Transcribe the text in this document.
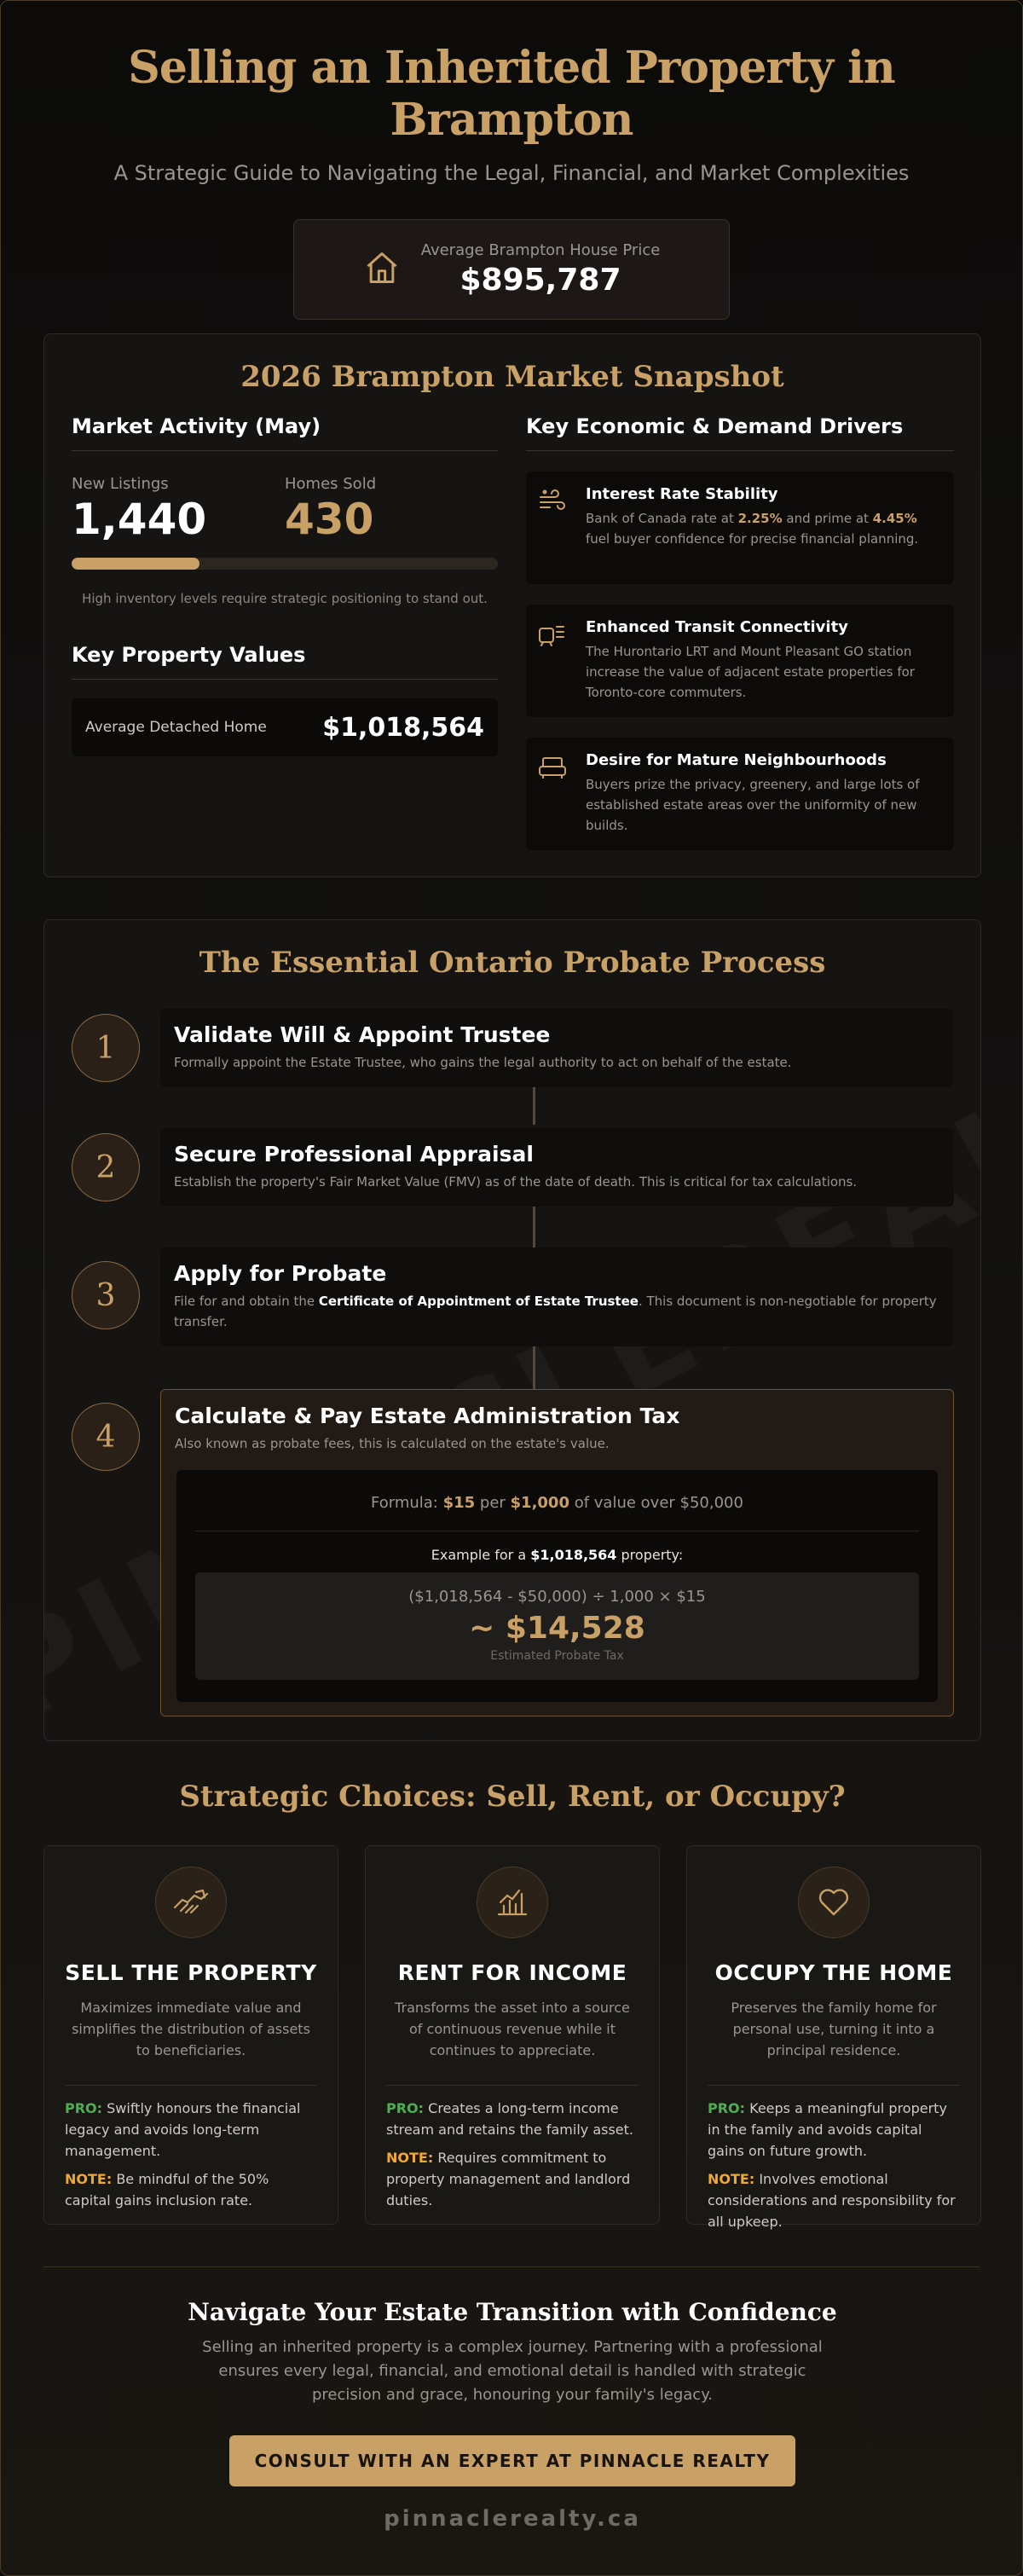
Selling an Inherited Property in Brampton
A Strategic Guide to Navigating the Legal, Financial, and Market Complexities
Average Brampton House Price
$895,787
2026 Brampton Market Snapshot
Market Activity (May)
New Listings
1,440
Homes Sold
430
High inventory levels require strategic positioning to stand out.
Key Property Values
Average Detached Home $1,018,564
Key Economic & Demand Drivers
Interest Rate Stability
Bank of Canada rate at 2.25% and prime at 4.45% fuel buyer confidence for precise financial planning.
Enhanced Transit Connectivity
The Hurontario LRT and Mount Pleasant GO station increase the value of adjacent estate properties for Toronto-core commuters.
Desire for Mature Neighbourhoods
Buyers prize the privacy, greenery, and large lots of established estate areas over the uniformity of new builds.
The Essential Ontario Probate Process
1	Validate Will & Appoint Trustee
Formally appoint the Estate Trustee, who gains the legal authority to act on behalf of the estate.
2	Secure Professional Appraisal
Establish the property's Fair Market Value (FMV) as of the date of death. This is critical for tax calculations.
3
Apply for Probate
File for and obtain the Certificate of Appointment of Estate Trustee. This document is non-negotiable for property transfer.
4
Calculate & Pay Estate Administration Tax
Also known as probate fees, this is calculated on the estate's value.
Formula: $15 per $1,000 of value over $50,000
Example for a $1,018,564 property:
($1,018,564 - $50,000) ÷ 1,000 × $15
~ $14,528
Estimated Probate Tax
Strategic Choices: Sell, Rent, or Occupy?
SELL THE PROPERTY
Maximizes immediate value and simplifies the distribution of assets to beneficiaries.
PRO: Swiftly honours the financial legacy and avoids long-term management.
NOTE: Be mindful of the 50% capital gains inclusion rate.
RENT FOR INCOME
Transforms the asset into a source of continuous revenue while it continues to appreciate.
PRO: Creates a long-term income stream and retains the family asset.
NOTE: Requires commitment to property management and landlord duties.
OCCUPY THE HOME
Preserves the family home for personal use, turning it into a principal residence.
PRO: Keeps a meaningful property in the family and avoids capital gains on future growth.
NOTE: Involves emotional considerations and responsibility for all upkeep.
Navigate Your Estate Transition with Confidence
Selling an inherited property is a complex journey. Partnering with a professional ensures every legal, financial, and emotional detail is handled with strategic precision and grace, honouring your family's legacy.
CONSULT WITH AN EXPERT AT PINNACLE REALTY
pinnaclerealty.ca
